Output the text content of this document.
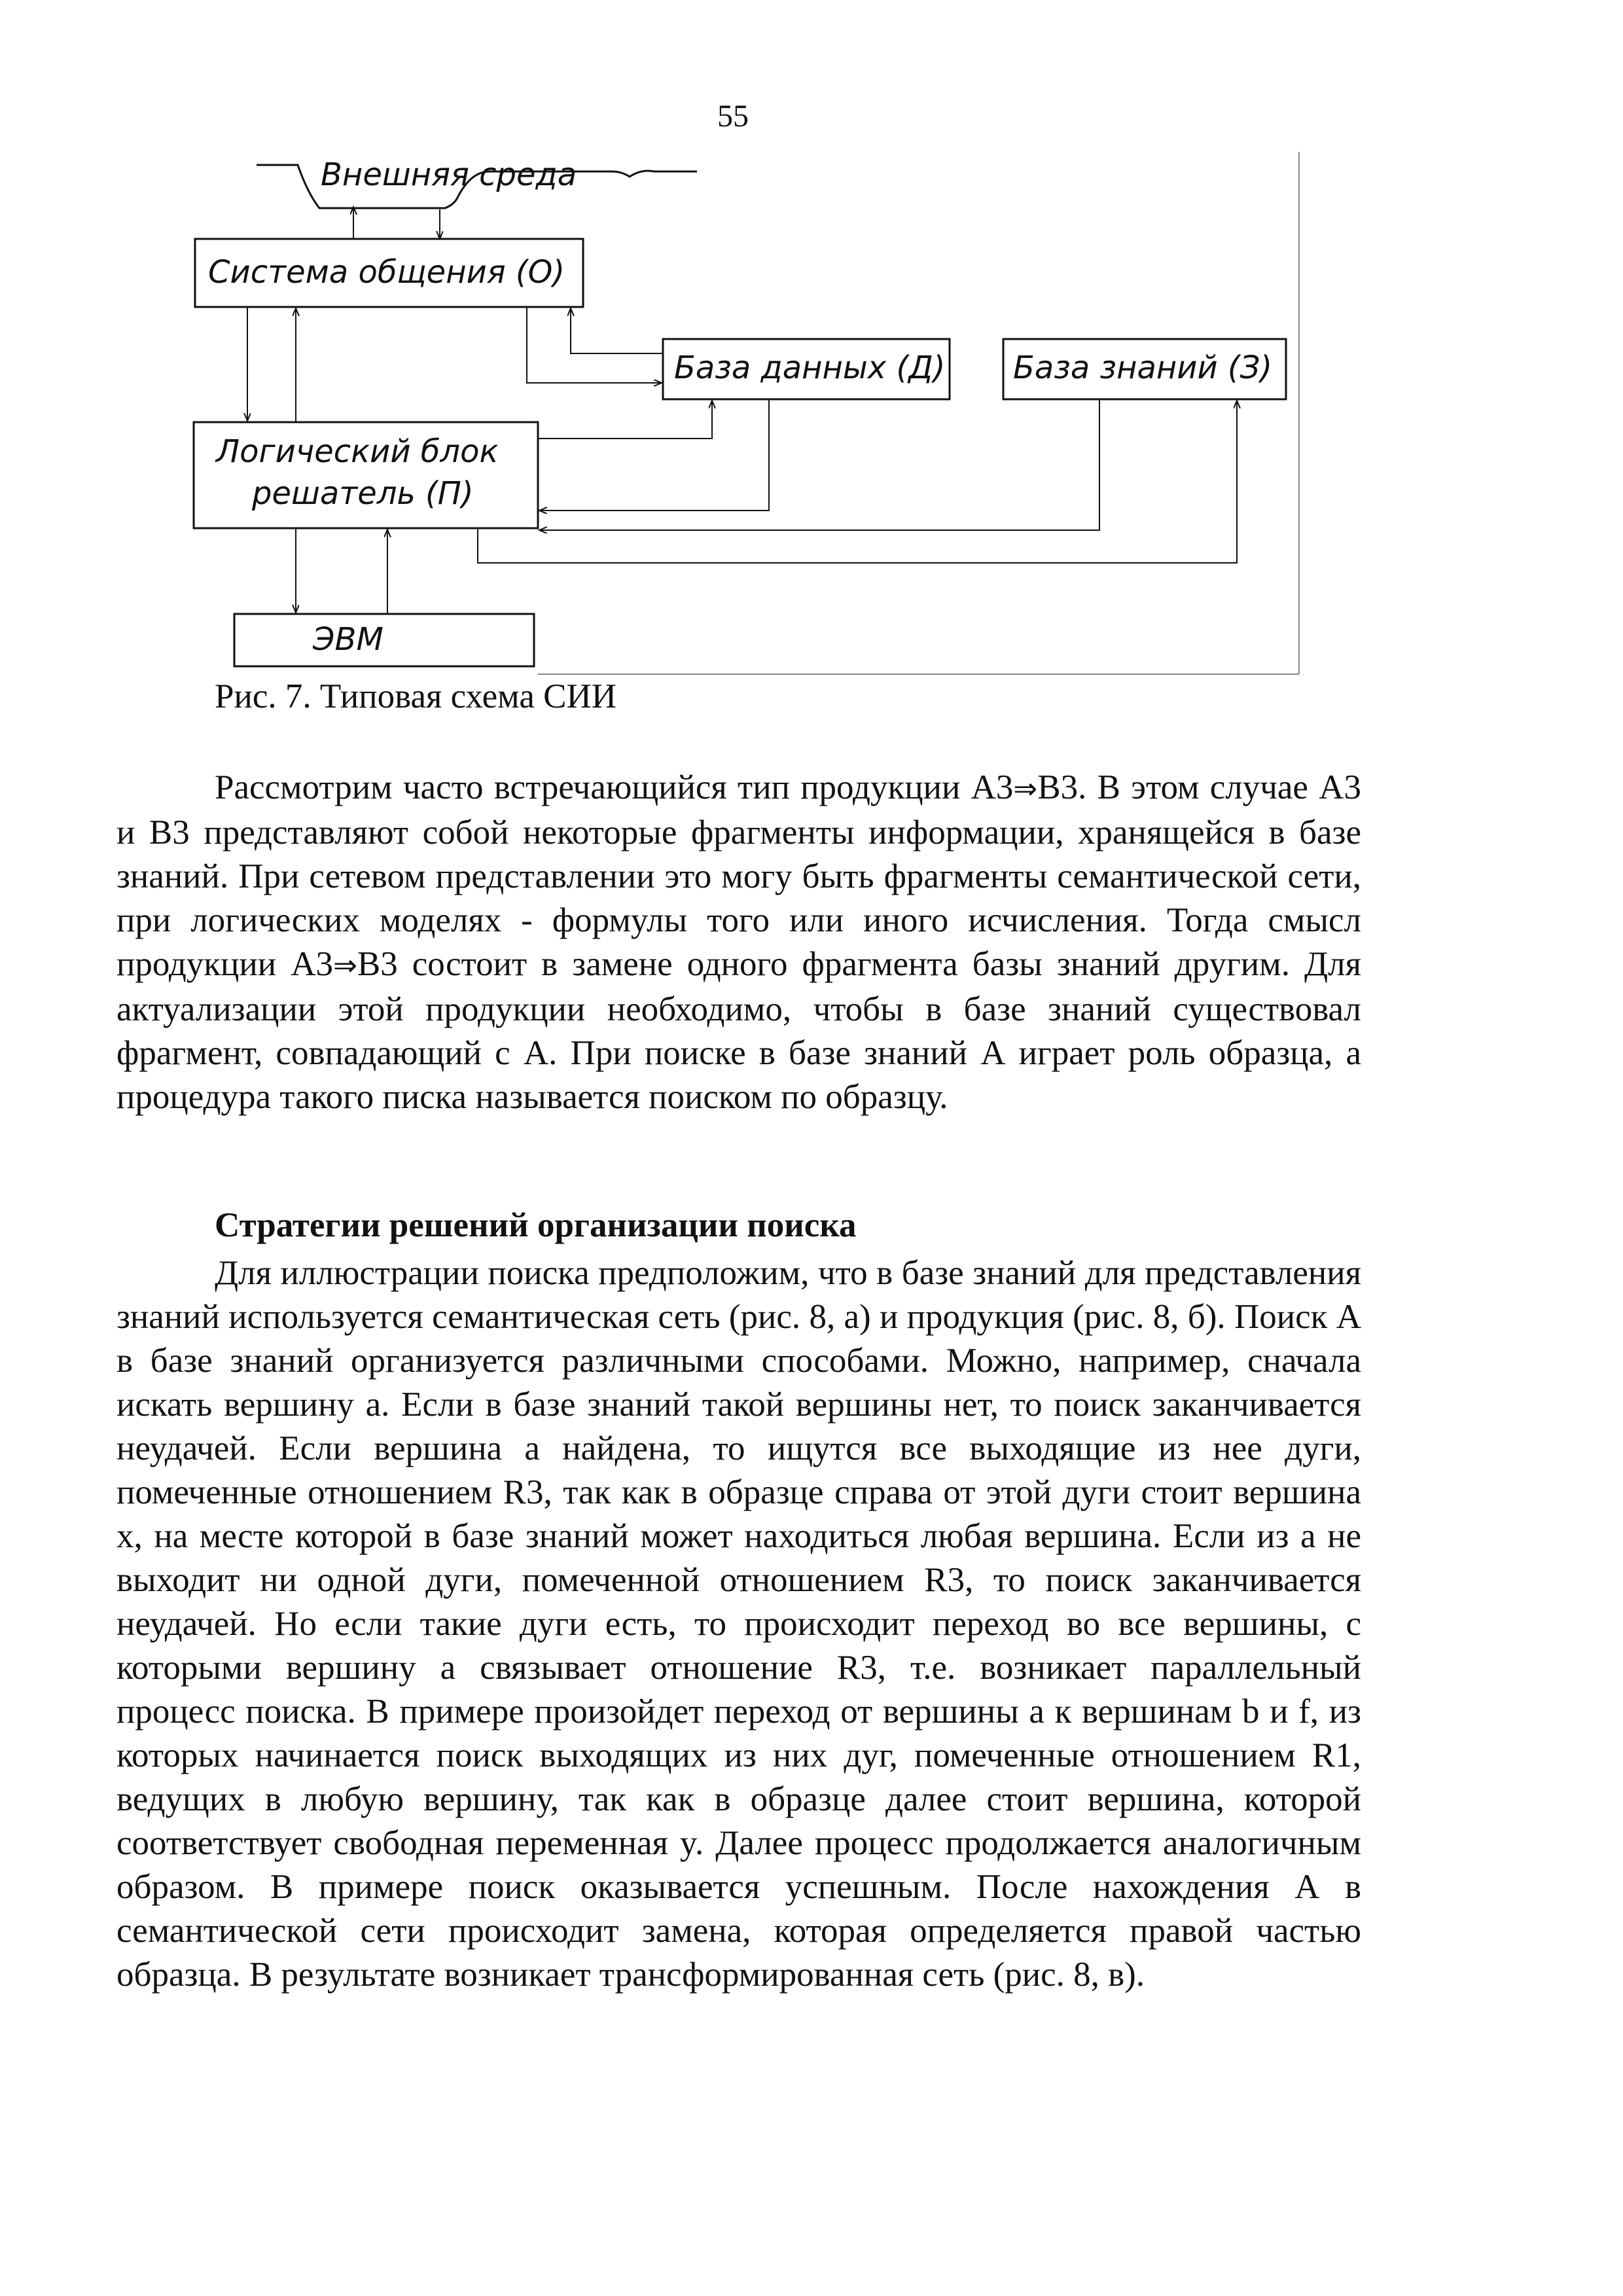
55
Внешняя среда
Система общения (О)
База данных (Д) База знаний (З)
Логический блок
решатель (П)
ЭВМ
Рис. 7. Типовая схема СИИ

Рассмотрим часто встречающийся тип продукции А3⇒В3. В этом случае А3 и В3 представляют собой некоторые фрагменты информации, хранящейся в базе знаний. При сетевом представлении это могу быть фрагменты семантической сети, при логических моделях - формулы того или иного исчисления. Тогда смысл продукции А3⇒В3 состоит в замене одного фрагмента базы знаний другим. Для актуализации этой продукции необходимо, чтобы в базе знаний существовал фрагмент, совпадающий с А. При поиске в базе знаний А играет роль образца, а процедура такого писка называется поиском по образцу.

Стратегии решений организации поиска

Для иллюстрации поиска предположим, что в базе знаний для представления знаний используется семантическая сеть (рис. 8, а) и продукция (рис. 8, б). Поиск А в базе знаний организуется различными способами. Можно, например, сначала искать вершину a. Если в базе знаний такой вершины нет, то поиск заканчивается неудачей. Если вершина a найдена, то ищутся все выходящие из нее дуги, помеченные отношением R3, так как в образце справа от этой дуги стоит вершина x, на месте которой в базе знаний может находиться любая вершина. Если из a не выходит ни одной дуги, помеченной отношением R3, то поиск заканчивается неудачей. Но если такие дуги есть, то происходит переход во все вершины, с которыми вершину a связывает отношение R3, т.е. возникает параллельный процесс поиска. В примере произойдет переход от вершины a к вершинам b и f, из которых начинается поиск выходящих из них дуг, помеченные отношением R1, ведущих в любую вершину, так как в образце далее стоит вершина, которой соответствует свободная переменная y. Далее процесс продолжается аналогичным образом. В примере поиск оказывается успешным. После нахождения А в семантической сети происходит замена, которая определяется правой частью образца. В результате возникает трансформированная сеть (рис. 8, в).
